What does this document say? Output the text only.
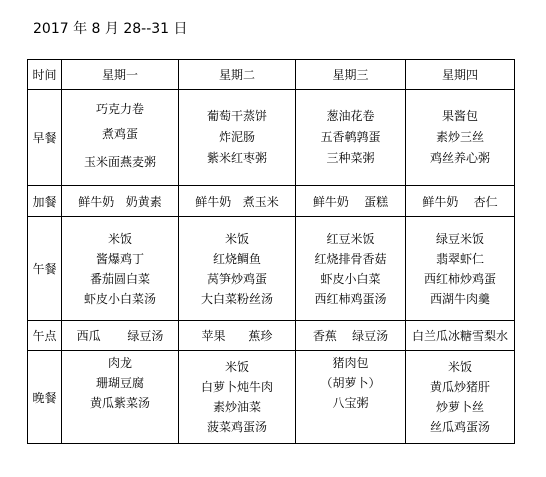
2017 年 8 月 28--31 日
时间	星期一	星期二	星期三	星期四
早餐	巧克力卷
煮鸡蛋
玉米面燕麦粥	葡萄干蒸饼
炸泥肠
紫米红枣粥	葱油花卷
五香鹌鹑蛋
三种菜粥	果酱包
素炒三丝
鸡丝养心粥

加餐	鲜牛奶   奶黄素	鲜牛奶   煮玉米	鲜牛奶    蛋糕	鲜牛奶    杏仁
午餐	米饭
酱爆鸡丁
番茄圆白菜
虾皮小白菜汤	米饭
红烧鲷鱼
莴笋炒鸡蛋
大白菜粉丝汤	红豆米饭
红烧排骨香菇
虾皮小白菜
西红柿鸡蛋汤	绿豆米饭
翡翠虾仁
西红柿炒鸡蛋
西湖牛肉羹

午点	西瓜       绿豆汤	苹果      蕉珍	香蕉    绿豆汤	白兰瓜冰糖雪梨水
晚餐	肉龙
珊瑚豆腐
黄瓜紫菜汤	米饭
白萝卜炖牛肉
素炒油菜
菠菜鸡蛋汤	猪肉包
（胡萝卜）
八宝粥	米饭
黄瓜炒猪肝
炒萝卜丝
丝瓜鸡蛋汤
